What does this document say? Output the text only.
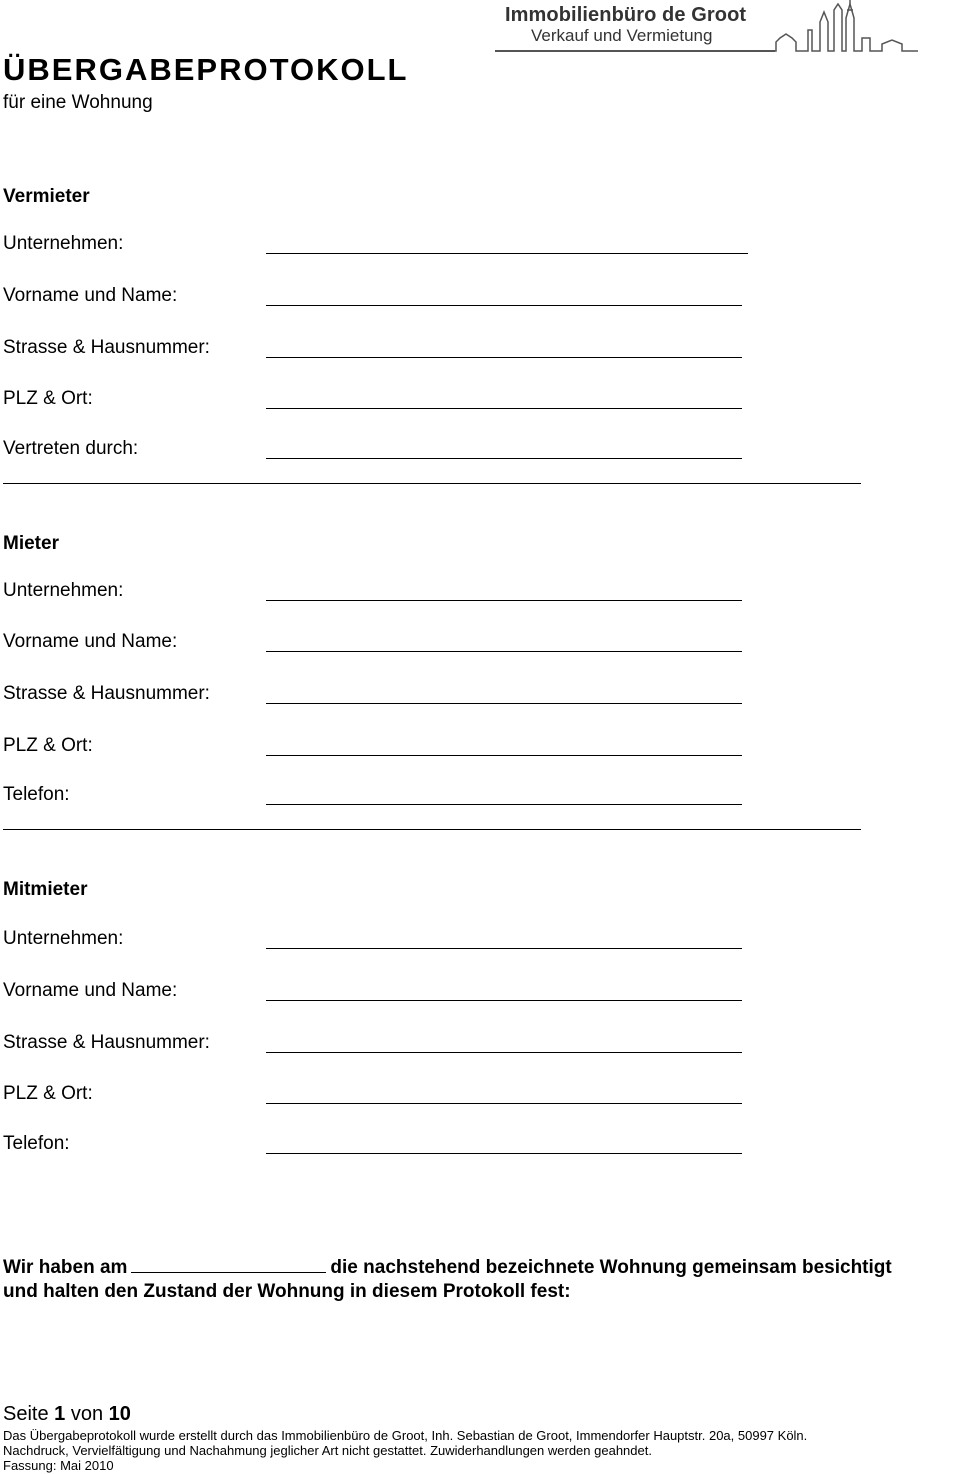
Immobilienbüro de Groot
Verkauf und Vermietung
ÜBERGABEPROTOKOLL
für eine Wohnung
Vermieter
Unternehmen:
Vorname und Name:
Strasse & Hausnummer:
PLZ & Ort:
Vertreten durch:
Mieter
Unternehmen:
Vorname und Name:
Strasse & Hausnummer:
PLZ & Ort:
Telefon:
Mitmieter
Unternehmen:
Vorname und Name:
Strasse & Hausnummer:
PLZ & Ort:
Telefon:
Wir haben am	die nachstehend bezeichnete Wohnung gemeinsam besichtigt
und halten den Zustand der Wohnung in diesem Protokoll fest:
Seite 1 von 10
Das Übergabeprotokoll wurde erstellt durch das Immobilienbüro de Groot, Inh. Sebastian de Groot, Immendorfer Hauptstr. 20a, 50997 Köln.
Nachdruck, Vervielfältigung und Nachahmung jeglicher Art nicht gestattet. Zuwiderhandlungen werden geahndet.
Fassung: Mai 2010
